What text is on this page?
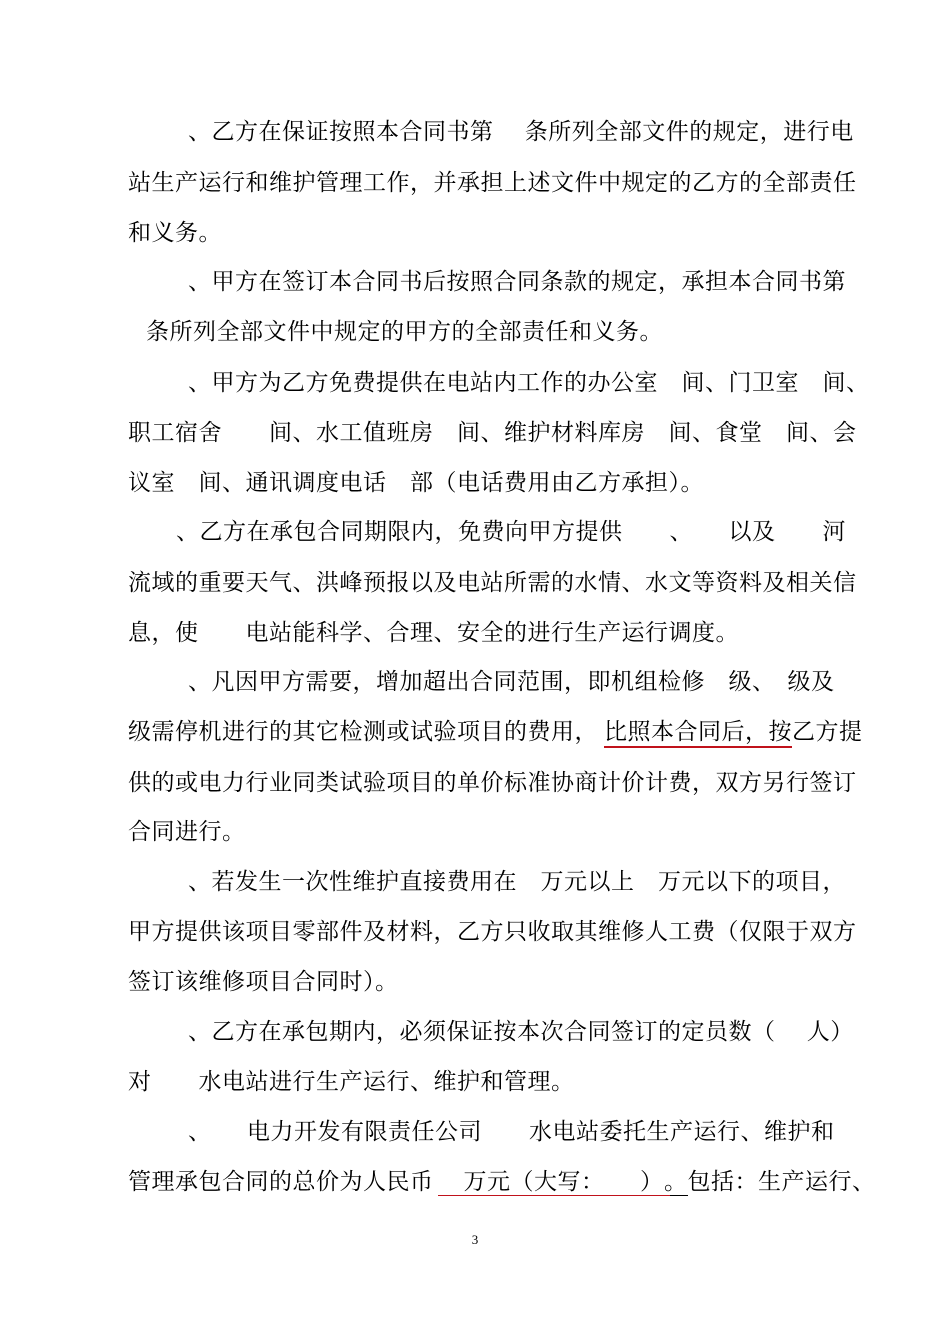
、乙方在保证按照本合同书第　 条所列全部文件的规定，进行电
站生产运行和维护管理工作，并承担上述文件中规定的乙方的全部责任
和义务。
、甲方在签订本合同书后按照合同条款的规定，承担本合同书第
条所列全部文件中规定的甲方的全部责任和义务。
、甲方为乙方免费提供在电站内工作的办公室　间、门卫室　间、
职工宿舍　　间、水工值班房　间、维护材料库房　间、食堂　间、会
议室　间、通讯调度电话　部（电话费用由乙方承担）。
、乙方在承包合同期限内，免费向甲方提供　　、　　以及　　河
流域的重要天气、洪峰预报以及电站所需的水情、水文等资料及相关信
息，使　　电站能科学、合理、安全的进行生产运行调度。
、凡因甲方需要，增加超出合同范围，即机组检修　级、　级及
级需停机进行的其它检测或试验项目的费用， 比照本合同后，按 乙方提
供的或电力行业同类试验项目的单价标准协商计价计费，双方另行签订
合同进行。
、若发生一次性维护直接费用在　万元以上　万元以下的项目，
甲方提供该项目零部件及材料，乙方只收取其维修人工费（仅限于双方
签订该维修项目合同时）。
、乙方在承包期内，必须保证按本次合同签订的定员数（　 人）
对　　水电站进行生产运行、维护和管理。
、　　电力开发有限责任公司　　水电站委托生产运行、维护和
管理承包合同的总价为人民币 　万元（大写：　　） 。包括：生产运行、
3
